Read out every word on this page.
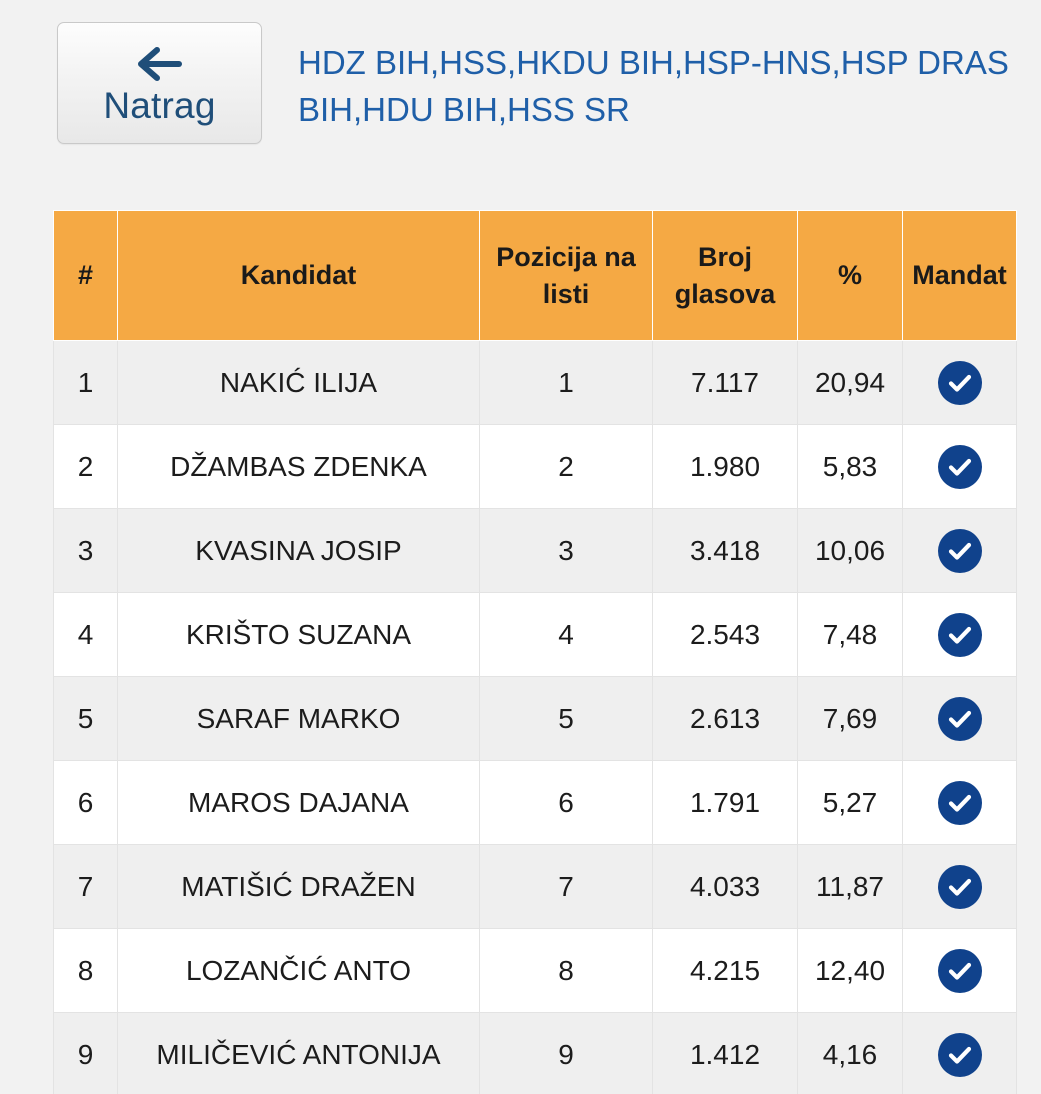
Natrag
HDZ BIH,HSS,HKDU BIH,HSP-HNS,HSP DRAS BIH,HDU BIH,HSS SR
#	Kandidat	Pozicija na listi	Broj glasova	%	Mandat
1	NAKIĆ ILIJA	1	7.117	20,94	

2	DŽAMBAS ZDENKA	2	1.980	5,83	

3	KVASINA JOSIP	3	3.418	10,06	

4	KRIŠTO SUZANA	4	2.543	7,48	

5	SARAF MARKO	5	2.613	7,69	

6	MAROS DAJANA	6	1.791	5,27	

7	MATIŠIĆ DRAŽEN	7	4.033	11,87	

8	LOZANČIĆ ANTO	8	4.215	12,40	

9	MILIČEVIĆ ANTONIJA	9	1.412	4,16	
